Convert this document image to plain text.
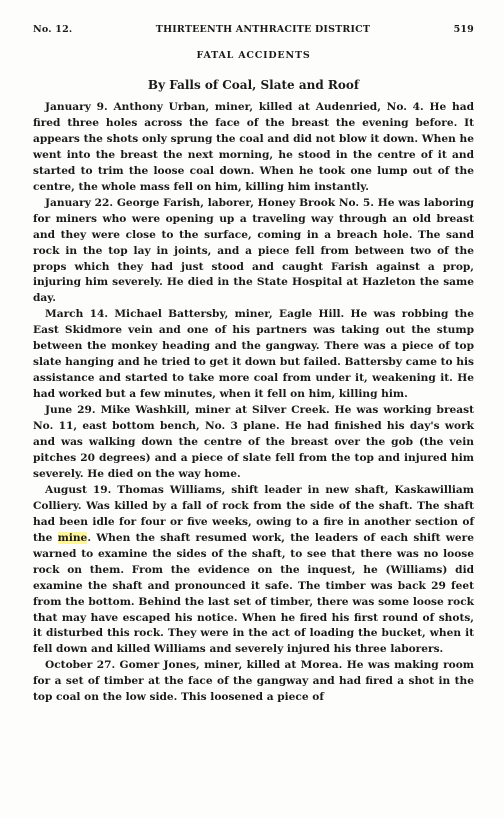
No. 12.	THIRTEENTH ANTHRACITE DISTRICT	519
FATAL ACCIDENTS
By Falls of Coal, Slate and Roof

January 9. Anthony Urban, miner, killed at Audenried, No. 4. He had fired three holes across the face of the breast the evening before. It appears the shots only sprung the coal and did not blow it down. When he went into the breast the next morning, he stood in the centre of it and started to trim the loose coal down. When he took one lump out of the centre, the whole mass fell on him, killing him instantly.

January 22. George Farish, laborer, Honey Brook No. 5. He was laboring for miners who were opening up a traveling way through an old breast and they were close to the surface, coming in a breach hole. The sand rock in the top lay in joints, and a piece fell from between two of the props which they had just stood and caught Farish against a prop, injuring him severely. He died in the State Hospital at Hazleton the same day.

March 14. Michael Battersby, miner, Eagle Hill. He was robbing the East Skidmore vein and one of his partners was taking out the stump between the monkey heading and the gangway. There was a piece of top slate hanging and he tried to get it down but failed. Battersby came to his assistance and started to take more coal from under it, weakening it. He had worked but a few minutes, when it fell on him, killing him.

June 29. Mike Washkill, miner at Silver Creek. He was working breast No. 11, east bottom bench, No. 3 plane. He had finished his day's work and was walking down the centre of the breast over the gob (the vein pitches 20 degrees) and a piece of slate fell from the top and injured him severely. He died on the way home.

August 19. Thomas Williams, shift leader in new shaft, Kaskawilliam Colliery. Was killed by a fall of rock from the side of the shaft. The shaft had been idle for four or five weeks, owing to a fire in another section of the mine. When the shaft resumed work, the leaders of each shift were warned to examine the sides of the shaft, to see that there was no loose rock on them. From the evidence on the inquest, he (Williams) did examine the shaft and pronounced it safe. The timber was back 29 feet from the bottom. Behind the last set of timber, there was some loose rock that may have escaped his notice. When he fired his first round of shots, it disturbed this rock. They were in the act of loading the bucket, when it fell down and killed Williams and severely injured his three laborers.

October 27. Gomer Jones, miner, killed at Morea. He was making room for a set of timber at the face of the gangway and had fired a shot in the top coal on the low side. This loosened a piece of
